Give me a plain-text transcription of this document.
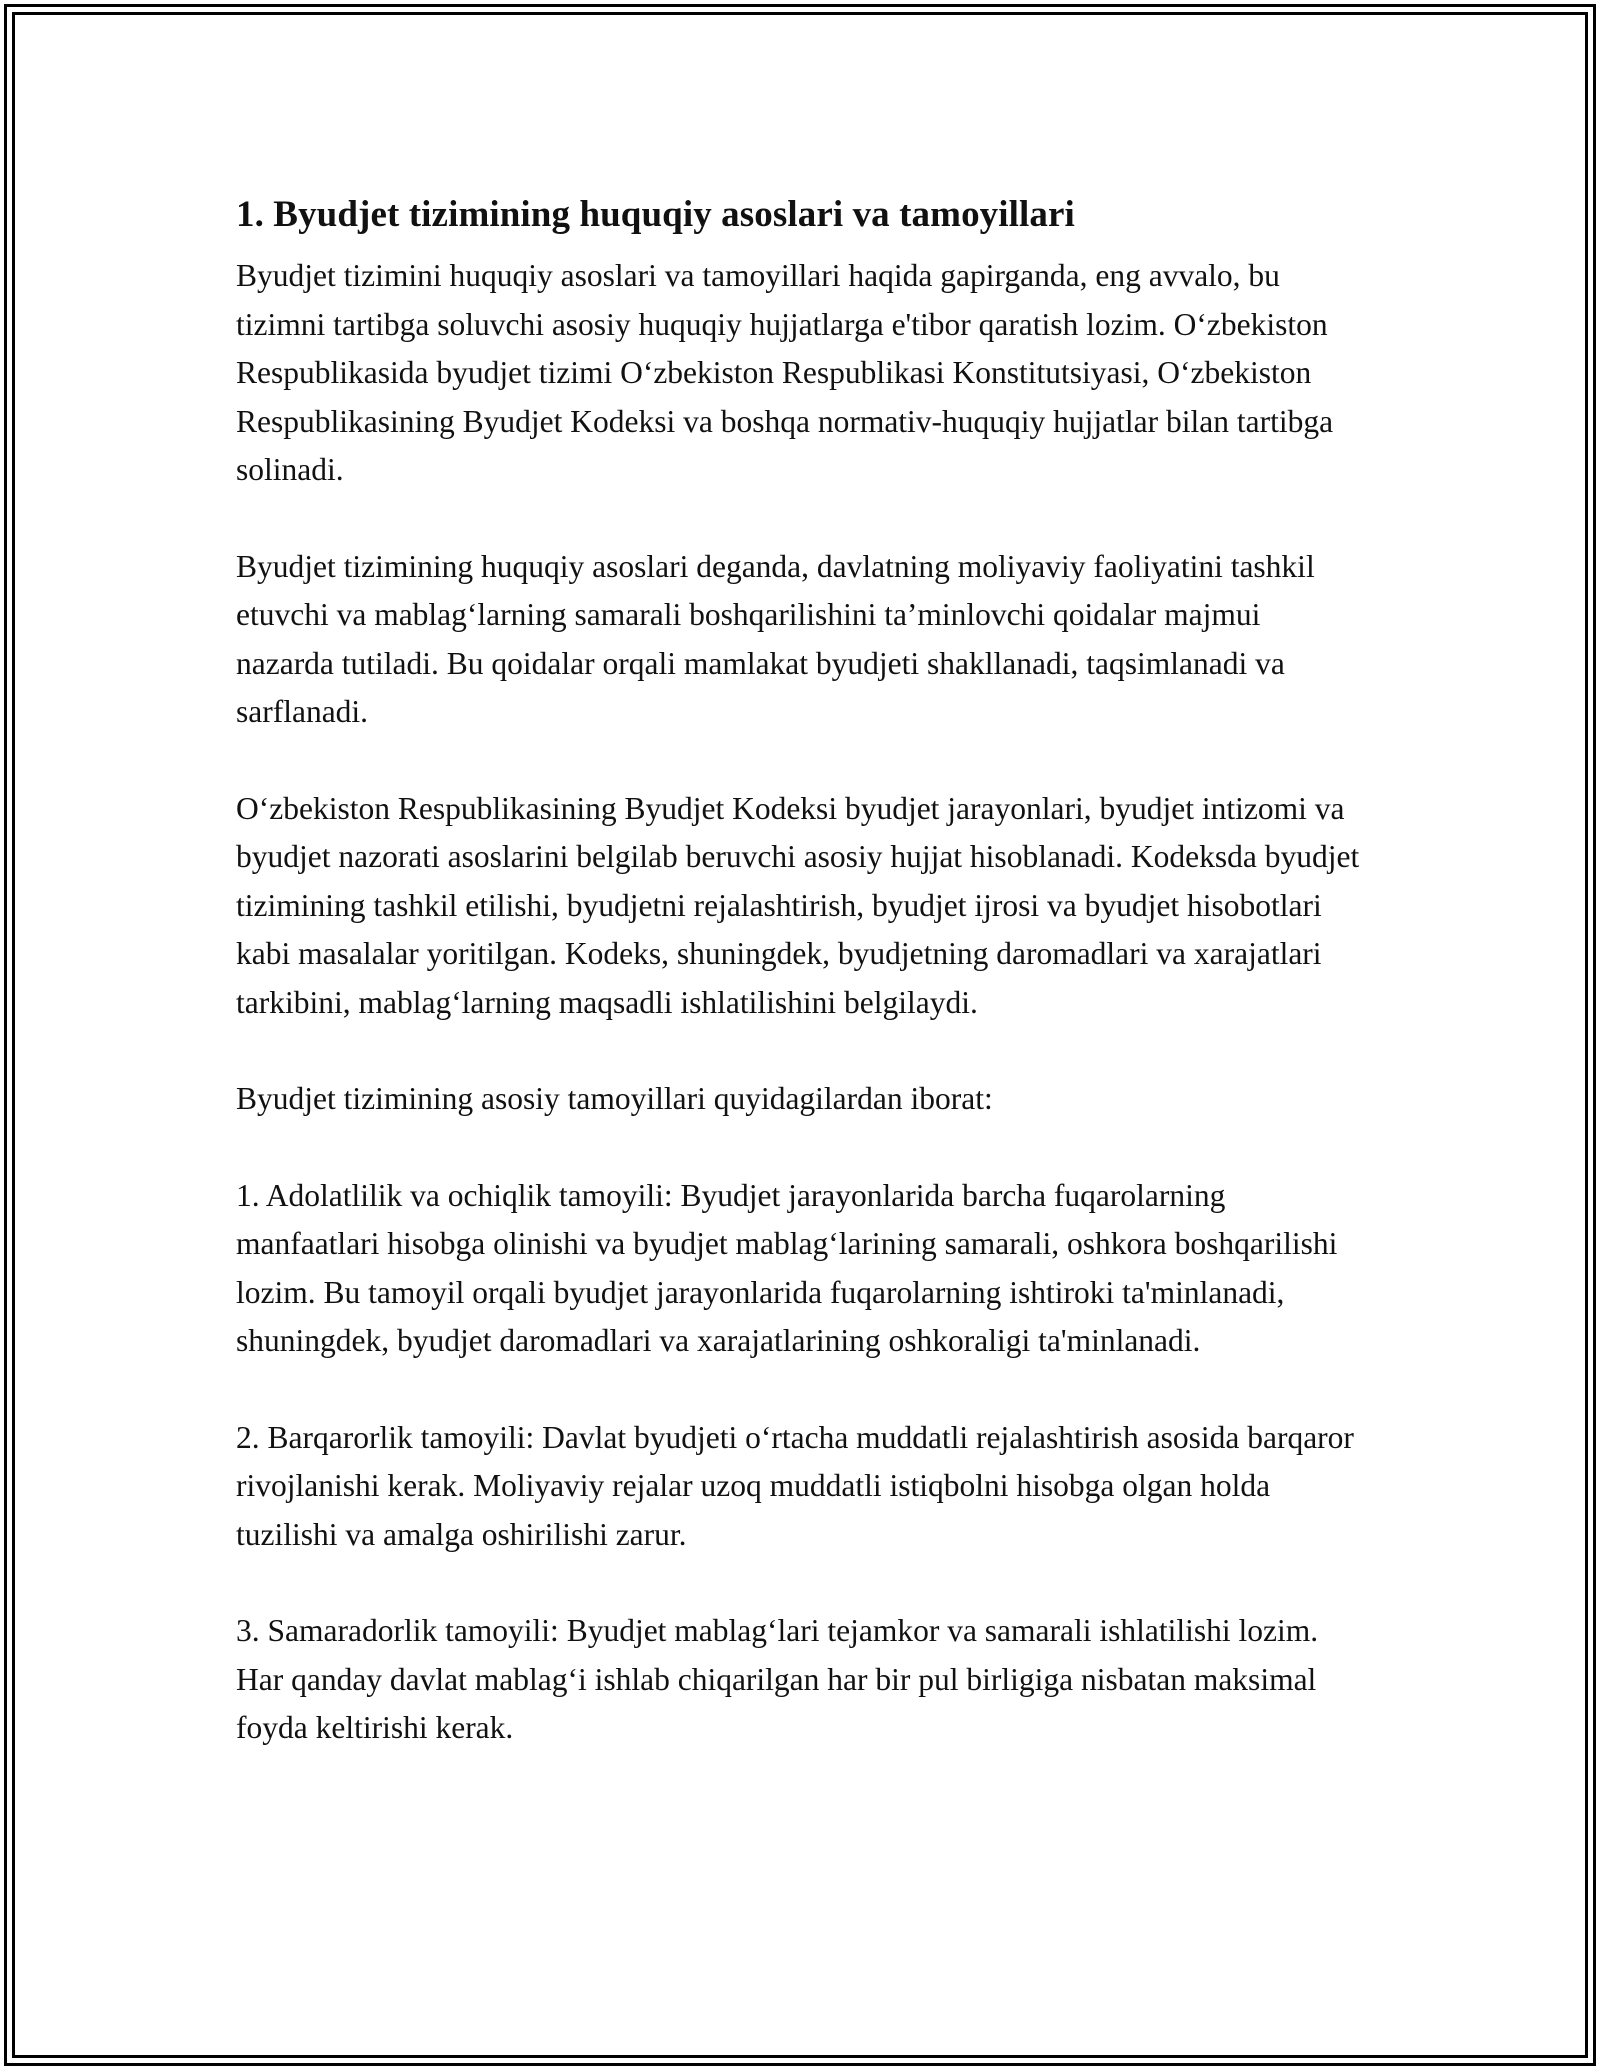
1. Byudjet tizimining huquqiy asoslari va tamoyillari

Byudjet tizimini huquqiy asoslari va tamoyillari haqida gapirganda, eng avvalo, bu tizimni tartibga soluvchi asosiy huquqiy hujjatlarga e'tibor qaratish lozim. O‘zbekiston Respublikasida byudjet tizimi O‘zbekiston Respublikasi Konstitutsiyasi, O‘zbekiston Respublikasining Byudjet Kodeksi va boshqa normativ-huquqiy hujjatlar bilan tartibga solinadi.

Byudjet tizimining huquqiy asoslari deganda, davlatning moliyaviy faoliyatini tashkil etuvchi va mablag‘larning samarali boshqarilishini ta’minlovchi qoidalar majmui nazarda tutiladi. Bu qoidalar orqali mamlakat byudjeti shakllanadi, taqsimlanadi va sarflanadi.

O‘zbekiston Respublikasining Byudjet Kodeksi byudjet jarayonlari, byudjet intizomi va byudjet nazorati asoslarini belgilab beruvchi asosiy hujjat hisoblanadi. Kodeksda byudjet tizimining tashkil etilishi, byudjetni rejalashtirish, byudjet ijrosi va byudjet hisobotlari kabi masalalar yoritilgan. Kodeks, shuningdek, byudjetning daromadlari va xarajatlari tarkibini, mablag‘larning maqsadli ishlatilishini belgilaydi.

Byudjet tizimining asosiy tamoyillari quyidagilardan iborat:

1. Adolatlilik va ochiqlik tamoyili: Byudjet jarayonlarida barcha fuqarolarning manfaatlari hisobga olinishi va byudjet mablag‘larining samarali, oshkora boshqarilishi lozim. Bu tamoyil orqali byudjet jarayonlarida fuqarolarning ishtiroki ta'minlanadi, shuningdek, byudjet daromadlari va xarajatlarining oshkoraligi ta'minlanadi.

2. Barqarorlik tamoyili: Davlat byudjeti o‘rtacha muddatli rejalashtirish asosida barqaror rivojlanishi kerak. Moliyaviy rejalar uzoq muddatli istiqbolni hisobga olgan holda tuzilishi va amalga oshirilishi zarur.

3. Samaradorlik tamoyili: Byudjet mablag‘lari tejamkor va samarali ishlatilishi lozim. Har qanday davlat mablag‘i ishlab chiqarilgan har bir pul birligiga nisbatan maksimal foyda keltirishi kerak.
